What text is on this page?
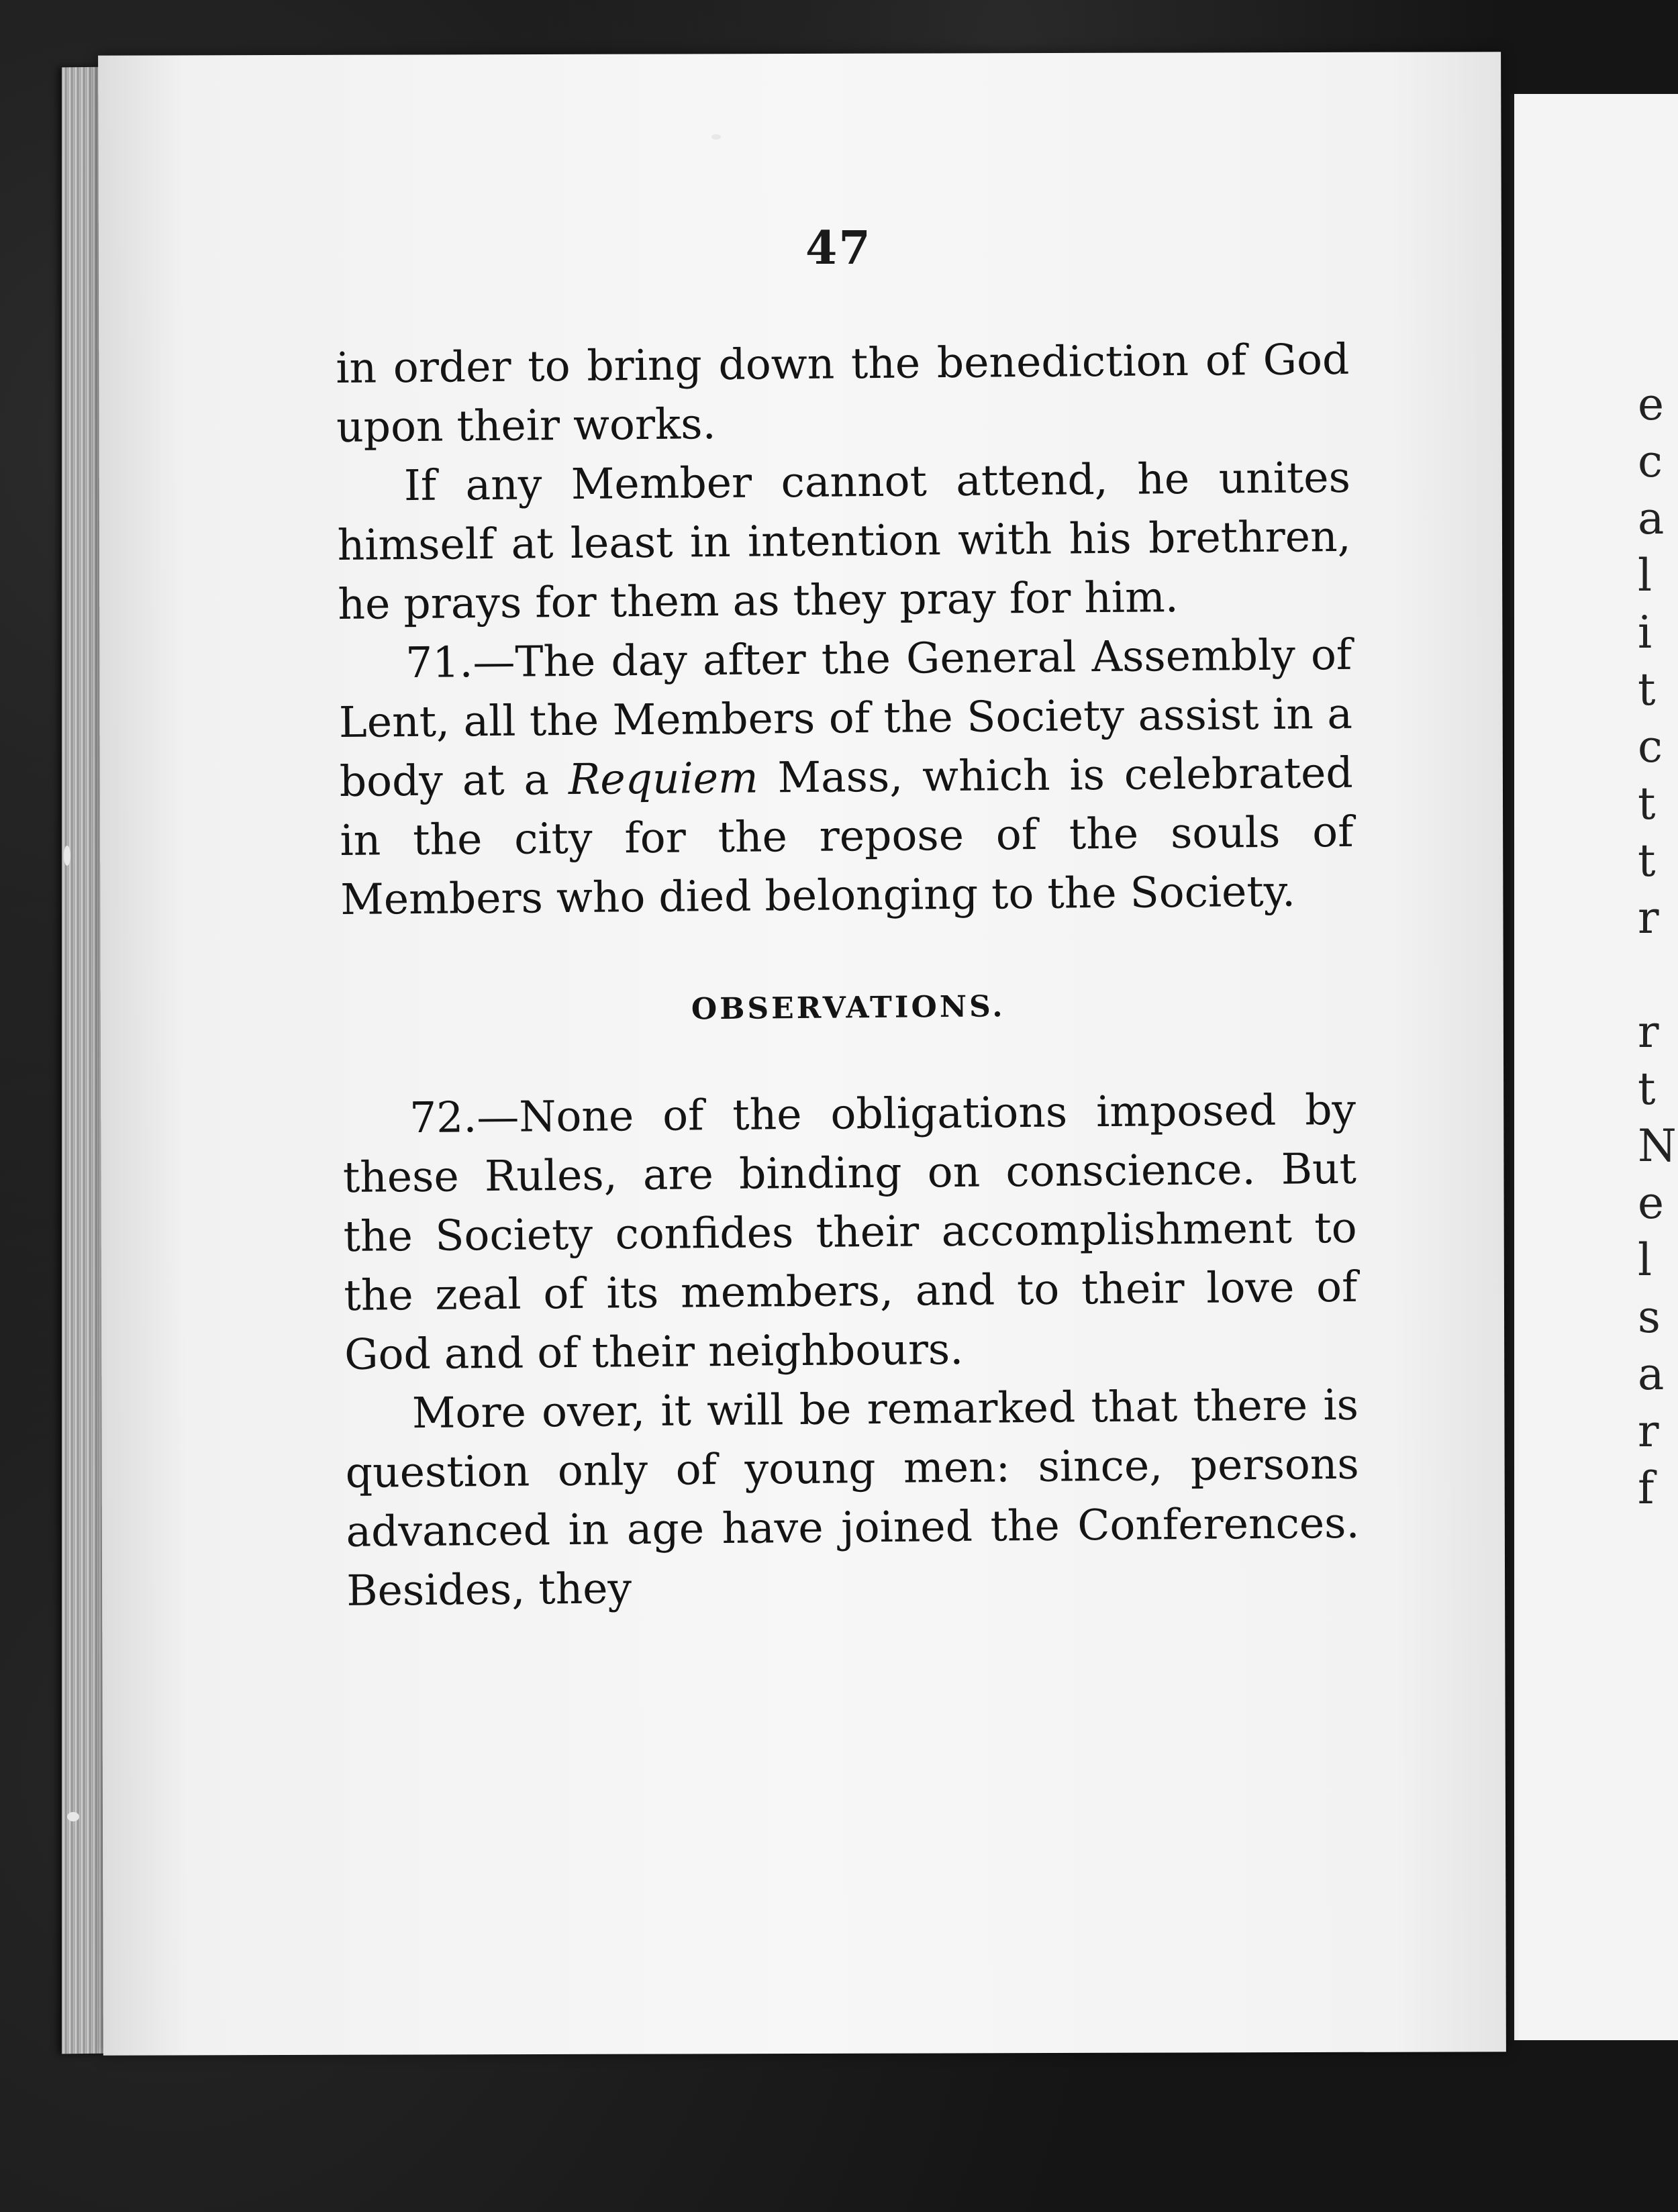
e
c
a
l
i
t
c
t
t
r
r
t
N
e
l
s
a
r
f
47

in order to bring down the benediction of God upon their works.

If any Member cannot attend, he unites himself at least in intention with his brethren, he prays for them as they pray for him.

71.—The day after the General Assembly of Lent, all the Members of the Society assist in a body at a Requiem Mass, which is celebrated in the city for the repose of the souls of Members who died belonging to the Society.

OBSERVATIONS.

72.—None of the obligations imposed by these Rules, are binding on conscience. But the Society confides their accomplishment to the zeal of its members, and to their love of God and of their neighbours.

More over, it will be remarked that there is question only of young men: since, persons advanced in age have joined the Conferences. Besides, they
